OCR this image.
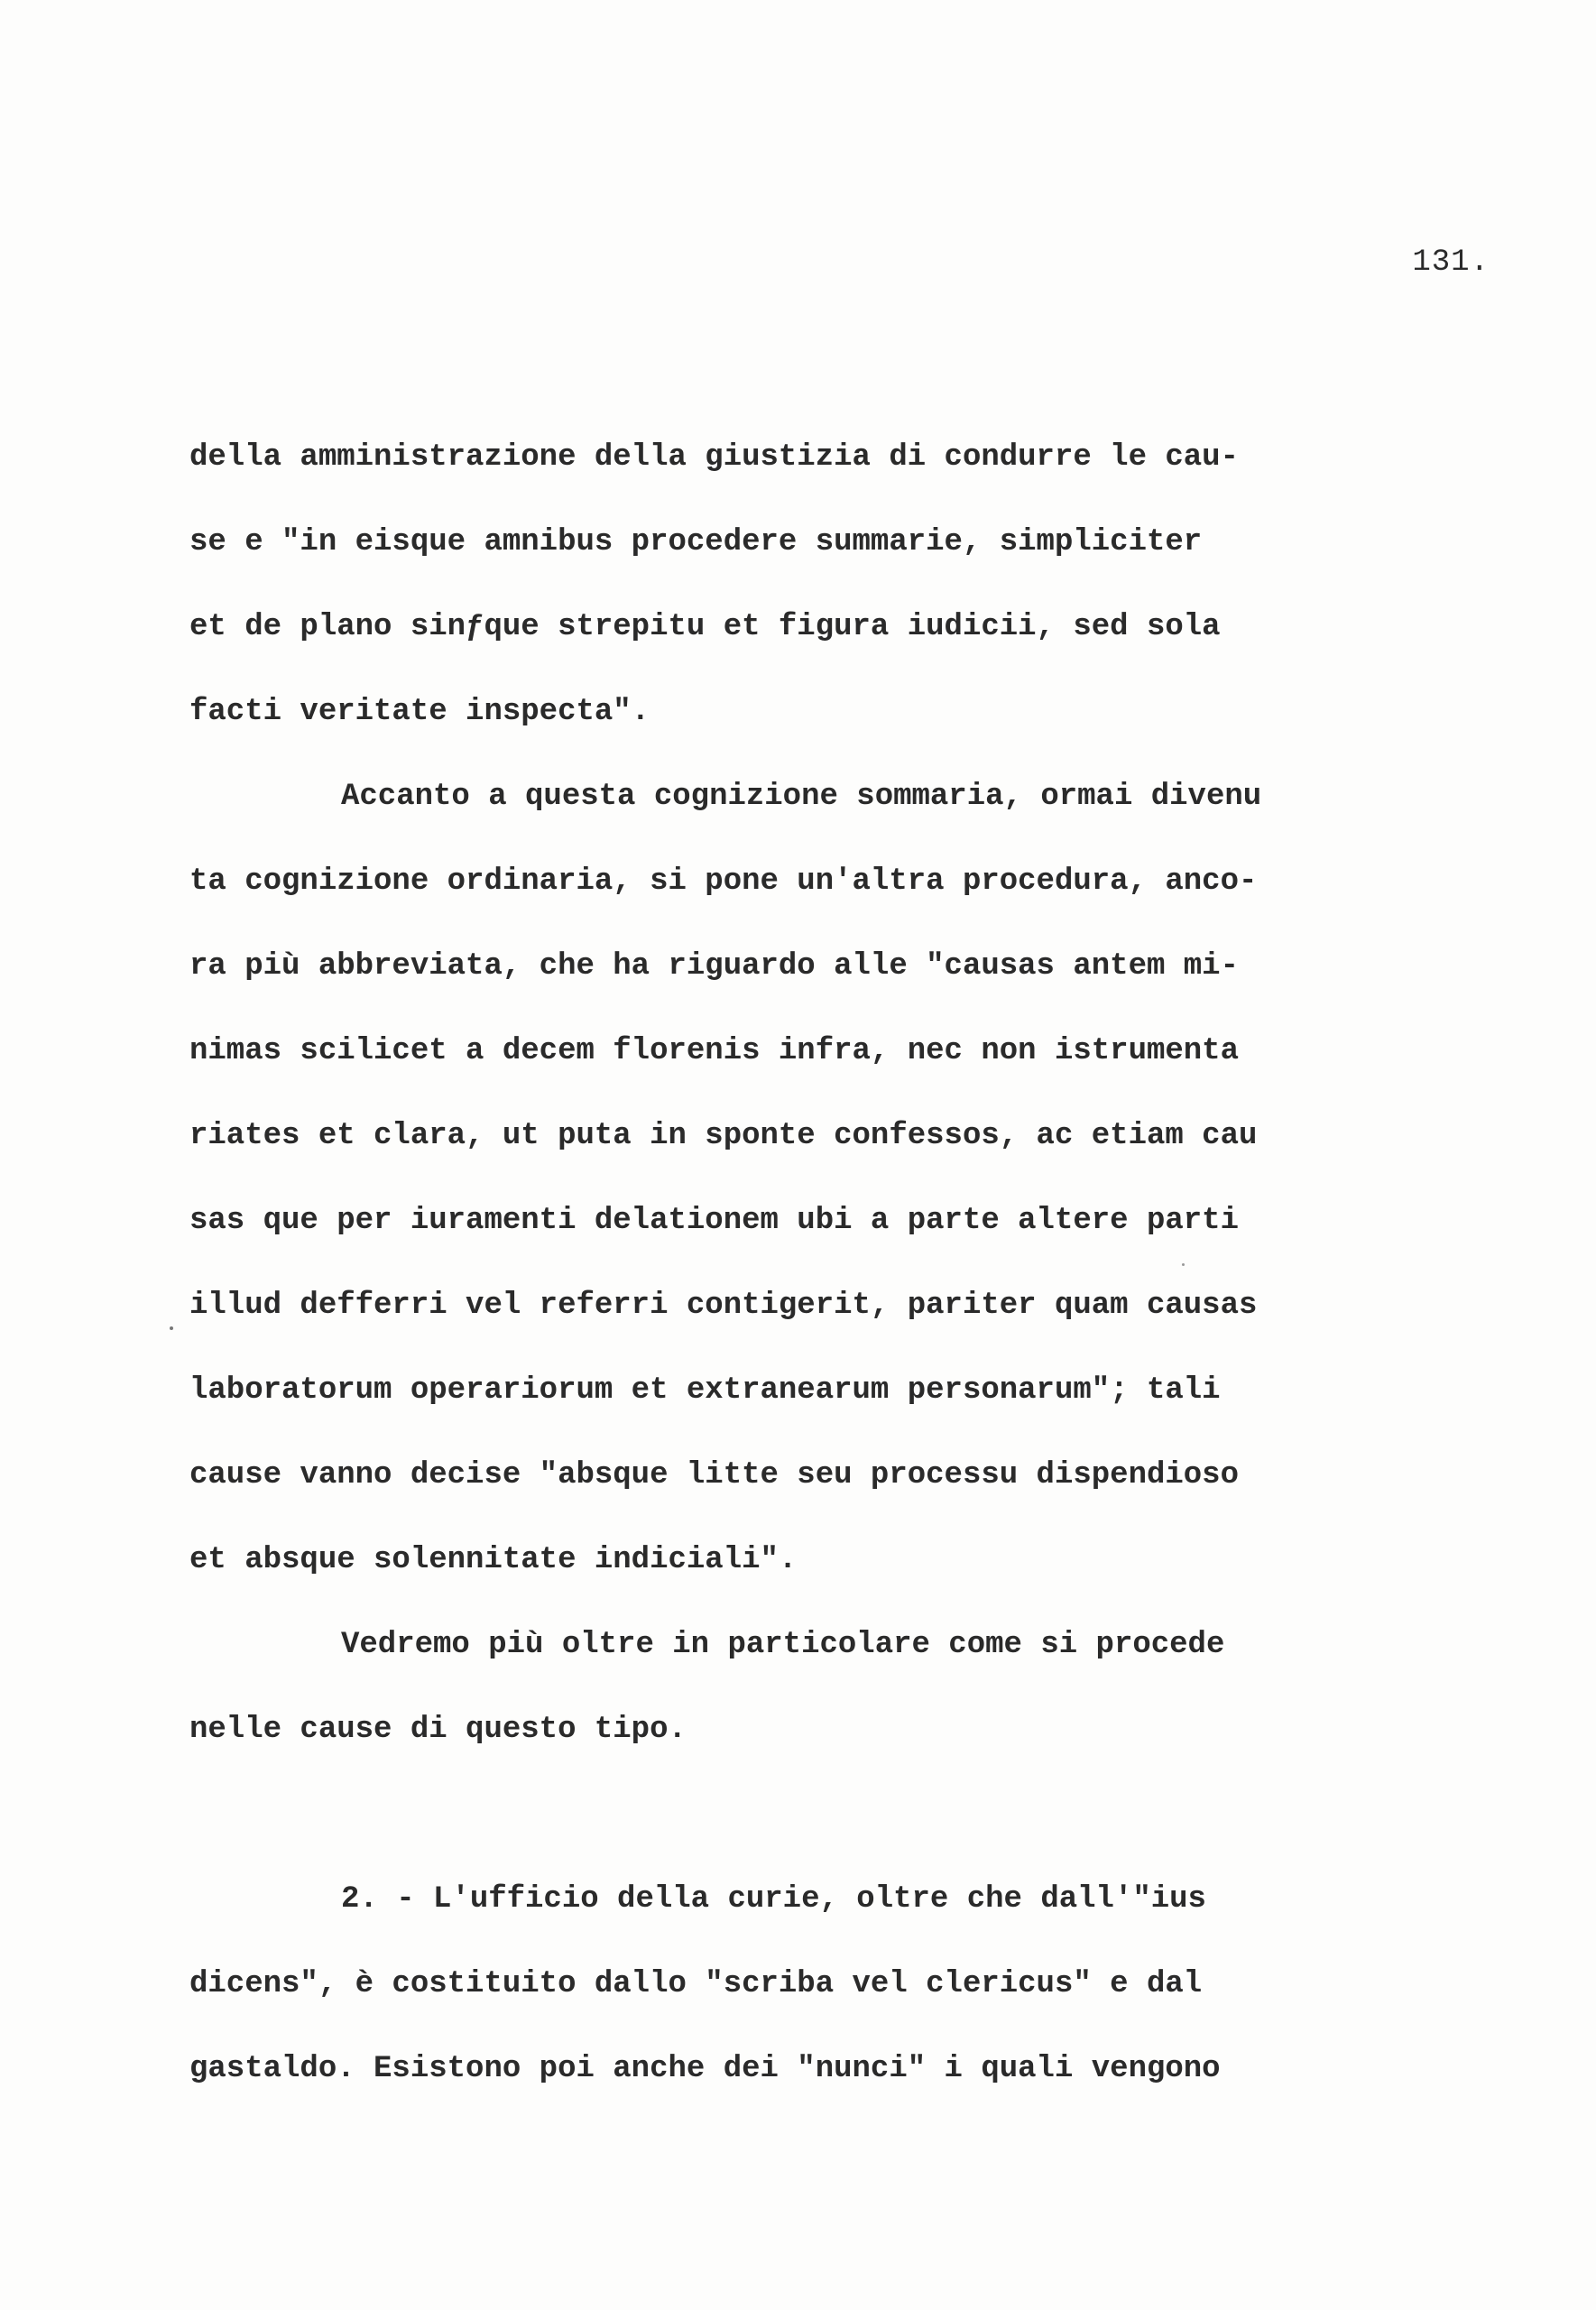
131.
della amministrazione della giustizia di condurre le cau-
se e "in eisque аmnibus procedere summarie, simpliciter
et de plano sinƒque strepitu et figura iudicii, sed sola
facti veritate inspecta".
Accanto a questa cognizione sommaria, ormai divenu
ta cognizione ordinaria, si pone un'altra procedura, anco-
ra più abbreviata, che ha riguardo alle "causas antem mi-
nimas scilicet a decem florenis infra, nec non istrumenta
riates et clara, ut puta in sponte confessos, ac etiam cau
sas que per iuramenti delationem ubi a parte altere parti
illud defferri vel referri contigerit, pariter quam causas
laboratorum operariorum et extranearum personarum"; tali
cause vanno decise "absque litte seu processu dispendioso
et absque solennitate indiciali".
Vedremo più oltre in particolare come si procede
nelle cause di questo tipo.
2. - L'ufficio della curie, oltre che dall'"ius
dicens", è costituito dallo "scriba vel clericus" e dal
gastaldo. Esistono poi anche dei "nunci" i quali vengono
